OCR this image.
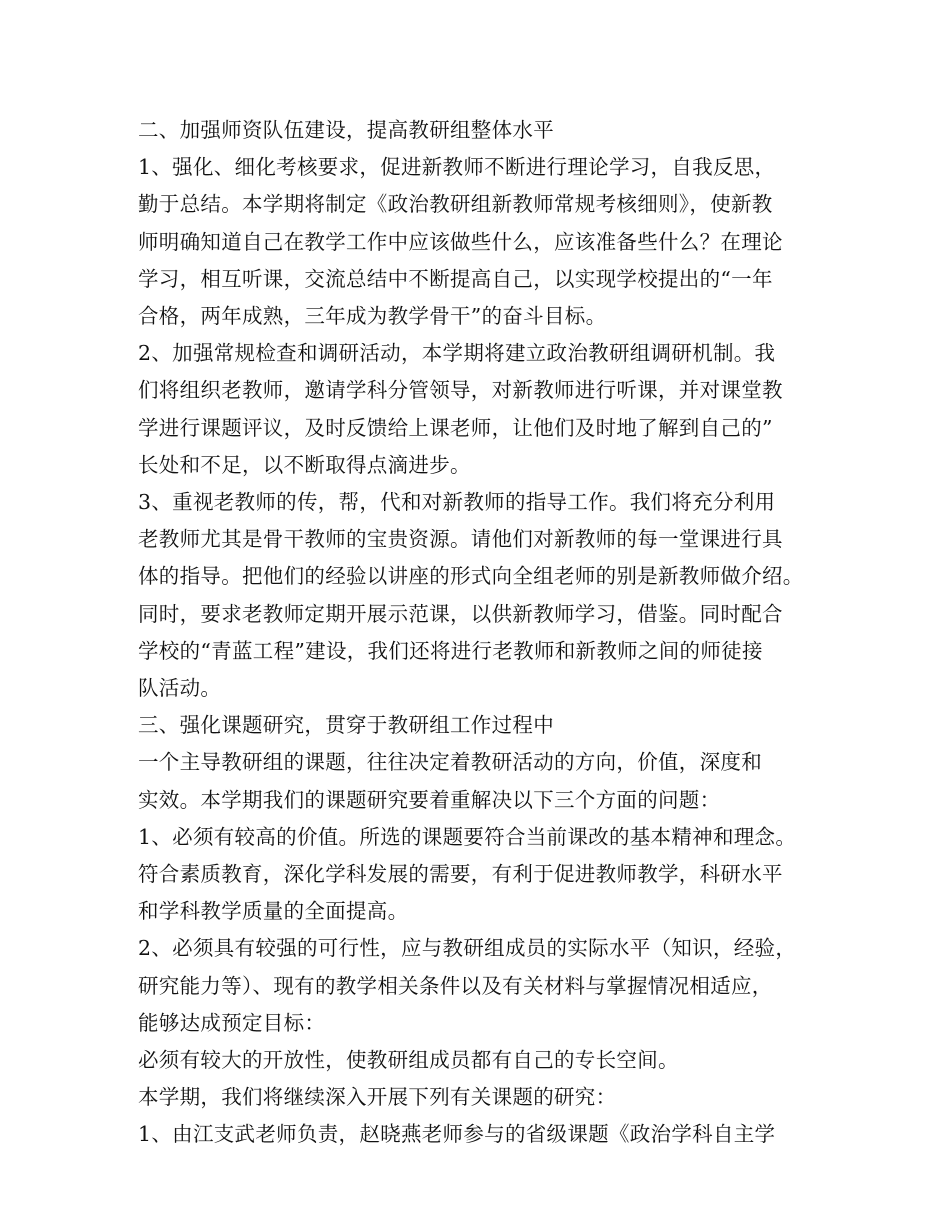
二、加强师资队伍建设，提高教研组整体水平
1、强化、细化考核要求，促进新教师不断进行理论学习，自我反思，
勤于总结。本学期将制定《政治教研组新教师常规考核细则》，使新教
师明确知道自己在教学工作中应该做些什么，应该准备些什么？在理论
学习，相互听课，交流总结中不断提高自己，以实现学校提出的“一年
合格，两年成熟，三年成为教学骨干”的奋斗目标。
2、加强常规检查和调研活动，本学期将建立政治教研组调研机制。我
们将组织老教师，邀请学科分管领导，对新教师进行听课，并对课堂教
学进行课题评议，及时反馈给上课老师，让他们及时地了解到自己的”
长处和不足，以不断取得点滴进步。
3、重视老教师的传，帮，代和对新教师的指导工作。我们将充分利用
老教师尤其是骨干教师的宝贵资源。请他们对新教师的每一堂课进行具
体的指导。把他们的经验以讲座的形式向全组老师的别是新教师做介绍。
同时，要求老教师定期开展示范课，以供新教师学习，借鉴。同时配合
学校的“青蓝工程”建设，我们还将进行老教师和新教师之间的师徒接
队活动。
三、强化课题研究，贯穿于教研组工作过程中
一个主导教研组的课题，往往决定着教研活动的方向，价值，深度和
实效。本学期我们的课题研究要着重解决以下三个方面的问题：
1、必须有较高的价值。所选的课题要符合当前课改的基本精神和理念。
符合素质教育，深化学科发展的需要，有利于促进教师教学，科研水平
和学科教学质量的全面提高。
2、必须具有较强的可行性，应与教研组成员的实际水平（知识，经验，
研究能力等）、现有的教学相关条件以及有关材料与掌握情况相适应，
能够达成预定目标：
必须有较大的开放性，使教研组成员都有自己的专长空间。
本学期，我们将继续深入开展下列有关课题的研究：
1、由江支武老师负责，赵晓燕老师参与的省级课题《政治学科自主学
